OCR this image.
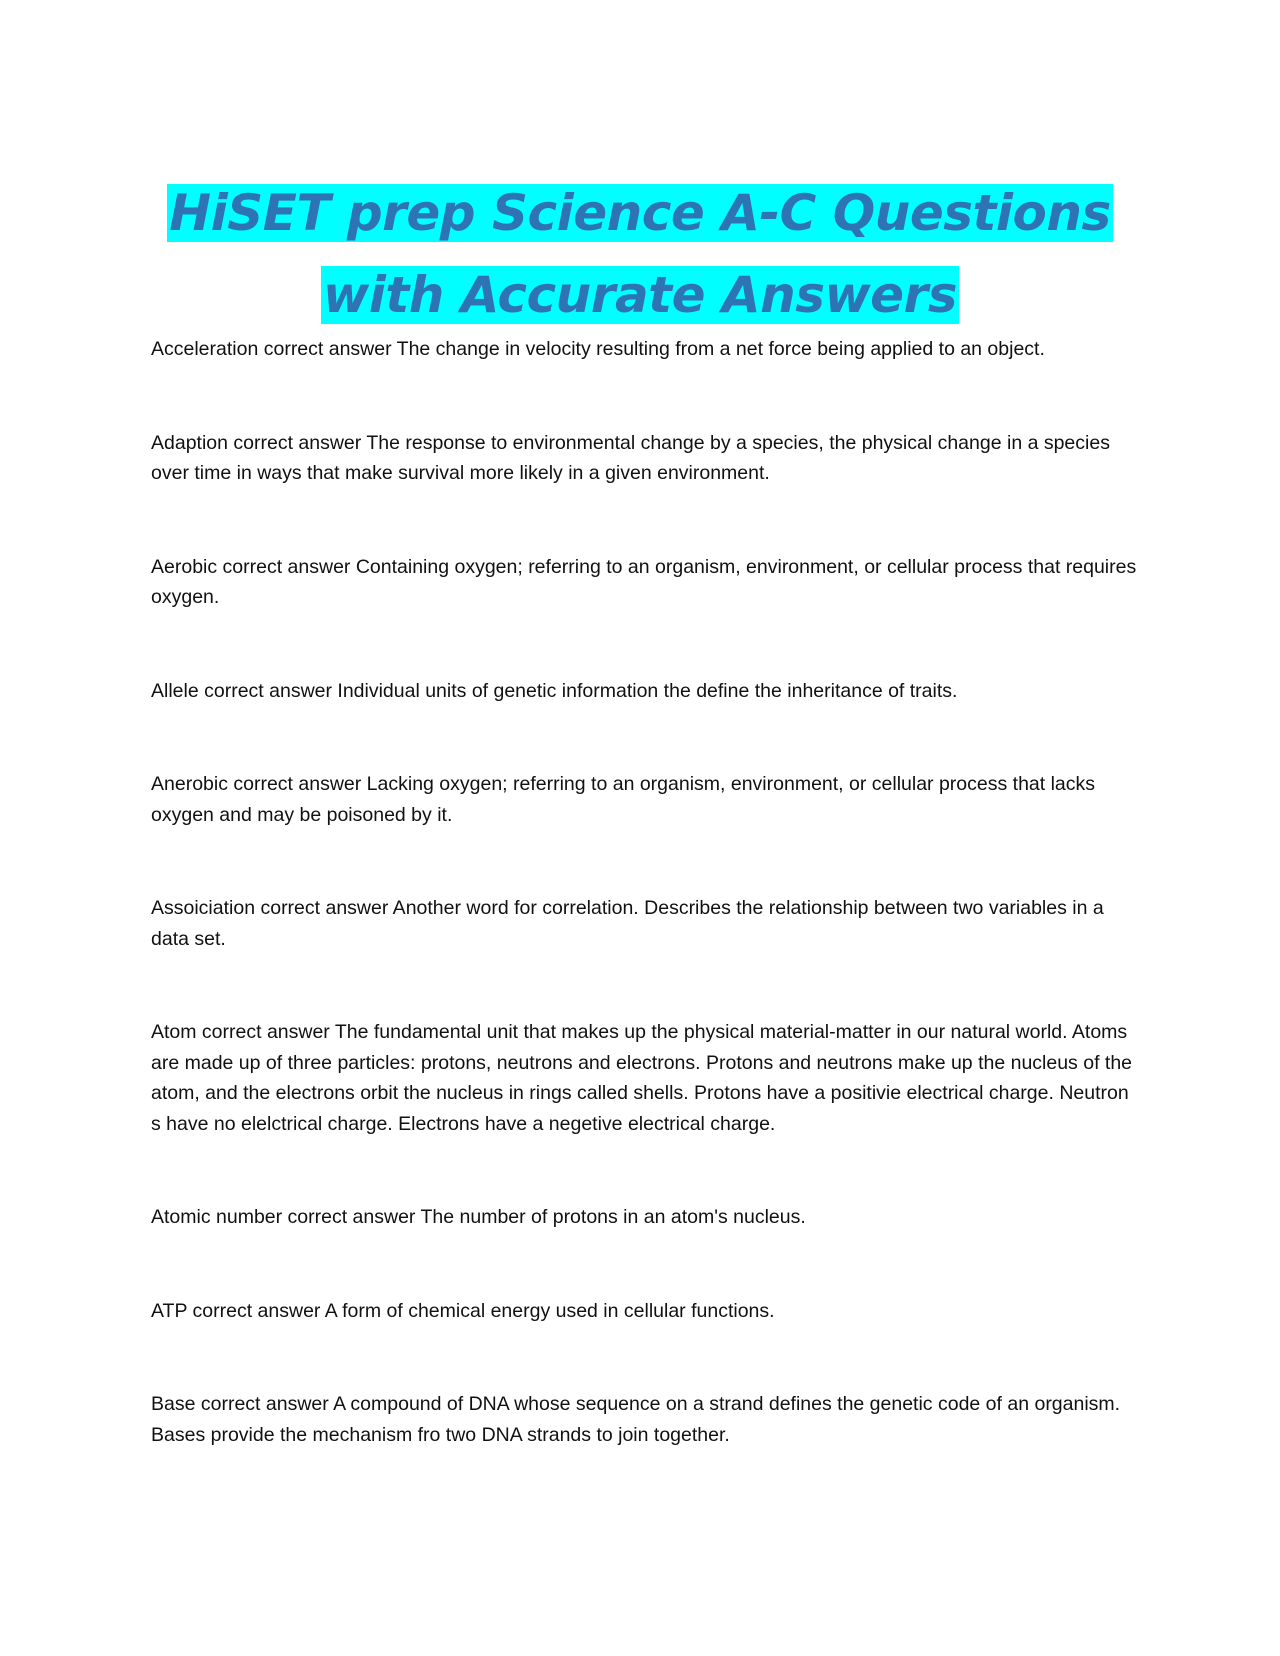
HiSET prep Science A-C Questions
with Accurate Answers

Acceleration correct answer The change in velocity resulting from a net force being applied to an object.

Adaption correct answer The response to environmental change by a species, the physical change in a species over time in ways that make survival more likely in a given environment.

Aerobic correct answer Containing oxygen; referring to an organism, environment, or cellular process that requires oxygen.

Allele correct answer Individual units of genetic information the define the inheritance of traits.

Anerobic correct answer Lacking oxygen; referring to an organism, environment, or cellular process that lacks oxygen and may be poisoned by it.

Assoiciation correct answer Another word for correlation. Describes the relationship between two variables in a data set.

Atom correct answer The fundamental unit that makes up the physical material-matter in our natural world. Atoms are made up of three particles: protons, neutrons and electrons. Protons and neutrons make up the nucleus of the atom, and the electrons orbit the nucleus in rings called shells. Protons have a positivie electrical charge. Neutron s have no elelctrical charge. Electrons have a negetive electrical charge.

Atomic number correct answer The number of protons in an atom's nucleus.

ATP correct answer A form of chemical energy used in cellular functions.

Base correct answer A compound of DNA whose sequence on a strand defines the genetic code of an organism. Bases provide the mechanism fro two DNA strands to join together.
